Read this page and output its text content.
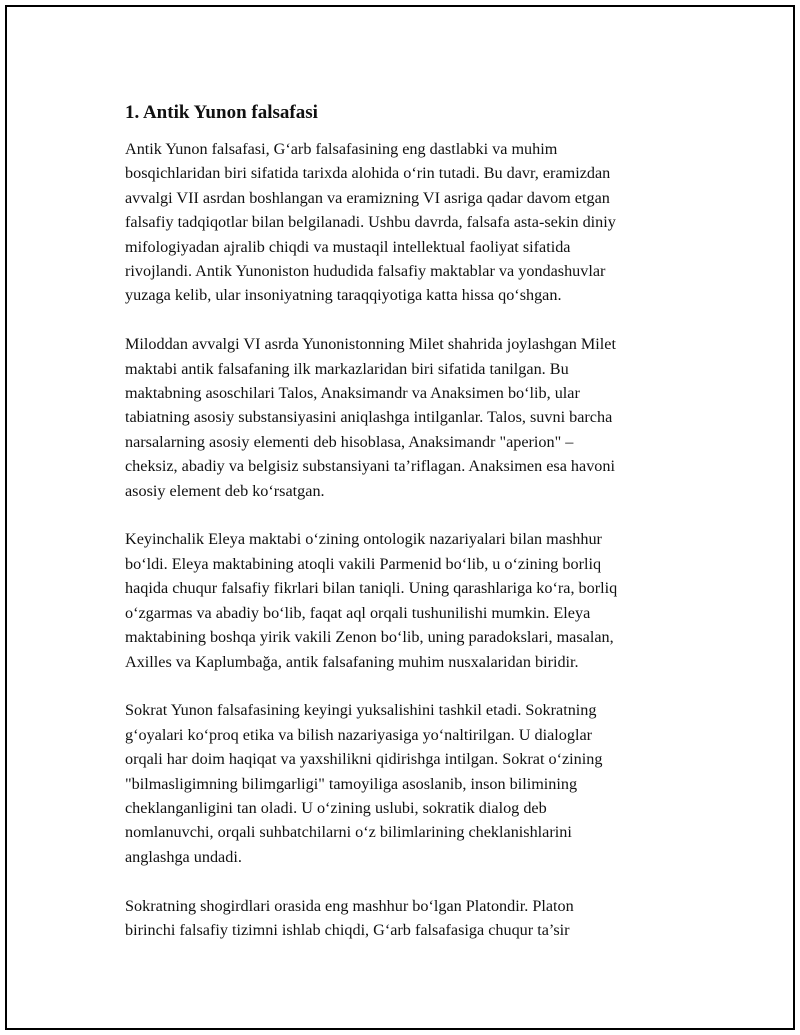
1. Antik Yunon falsafasi
Antik Yunon falsafasi, G‘arb falsafasining eng dastlabki va muhim
bosqichlaridan biri sifatida tarixda alohida o‘rin tutadi. Bu davr, eramizdan
avvalgi VII asrdan boshlangan va eramizning VI asriga qadar davom etgan
falsafiy tadqiqotlar bilan belgilanadi. Ushbu davrda, falsafa asta-sekin diniy
mifologiyadan ajralib chiqdi va mustaqil intellektual faoliyat sifatida
rivojlandi. Antik Yunoniston hududida falsafiy maktablar va yondashuvlar
yuzaga kelib, ular insoniyatning taraqqiyotiga katta hissa qo‘shgan.
Miloddan avvalgi VI asrda Yunonistonning Milet shahrida joylashgan Milet
maktabi antik falsafaning ilk markazlaridan biri sifatida tanilgan. Bu
maktabning asoschilari Talos, Anaksimandr va Anaksimen bo‘lib, ular
tabiatning asosiy substansiyasini aniqlashga intilganlar. Talos, suvni barcha
narsalarning asosiy elementi deb hisoblasa, Anaksimandr "aperion" –
cheksiz, abadiy va belgisiz substansiyani ta’riflagan. Anaksimen esa havoni
asosiy element deb ko‘rsatgan.
Keyinchalik Eleya maktabi o‘zining ontologik nazariyalari bilan mashhur
bo‘ldi. Eleya maktabining atoqli vakili Parmenid bo‘lib, u o‘zining borliq
haqida chuqur falsafiy fikrlari bilan taniqli. Uning qarashlariga ko‘ra, borliq
o‘zgarmas va abadiy bo‘lib, faqat aql orqali tushunilishi mumkin. Eleya
maktabining boshqa yirik vakili Zenon bo‘lib, uning paradokslari, masalan,
Axilles va Kaplumbağa, antik falsafaning muhim nusxalaridan biridir.
Sokrat Yunon falsafasining keyingi yuksalishini tashkil etadi. Sokratning
g‘oyalari ko‘proq etika va bilish nazariyasiga yo‘naltirilgan. U dialoglar
orqali har doim haqiqat va yaxshilikni qidirishga intilgan. Sokrat o‘zining
"bilmasligimning bilimgarligi" tamoyiliga asoslanib, inson bilimining
cheklanganligini tan oladi. U o‘zining uslubi, sokratik dialog deb
nomlanuvchi, orqali suhbatchilarni o‘z bilimlarining cheklanishlarini
anglashga undadi.
Sokratning shogirdlari orasida eng mashhur bo‘lgan Platondir. Platon
birinchi falsafiy tizimni ishlab chiqdi, G‘arb falsafasiga chuqur ta’sir
